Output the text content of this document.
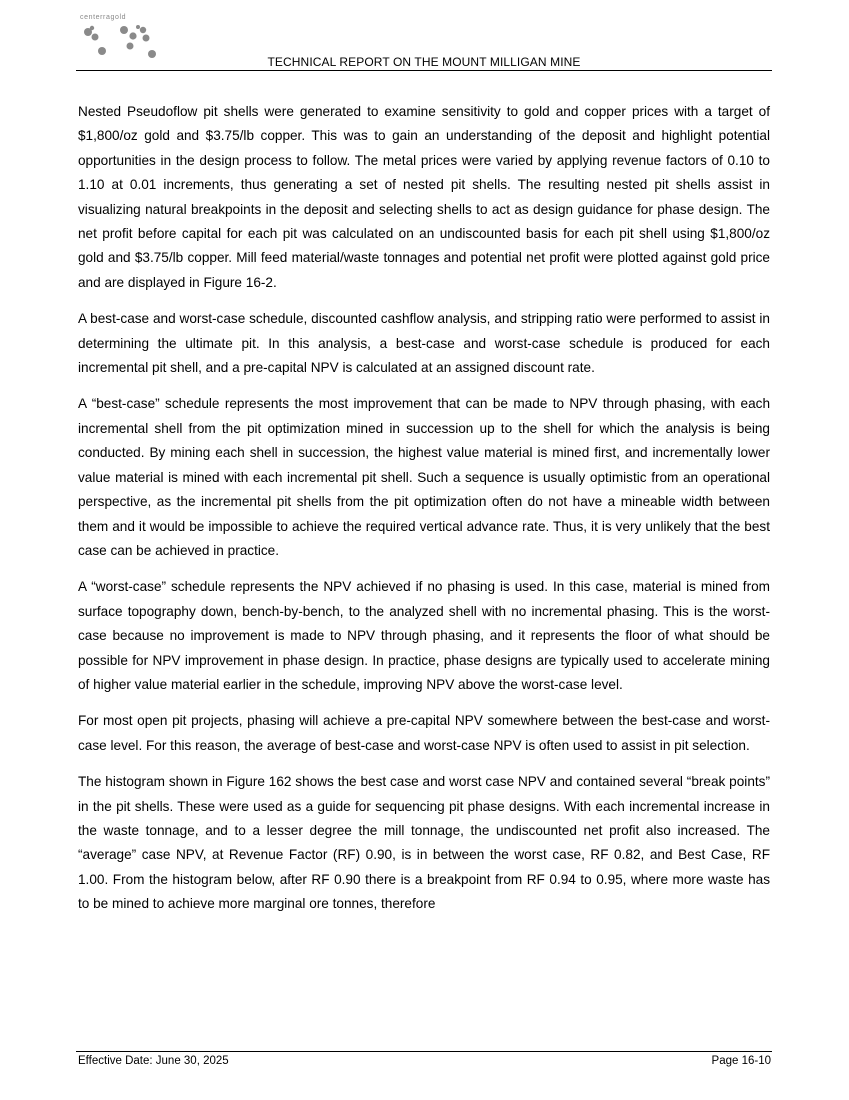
centerragold
TECHNICAL REPORT ON THE MOUNT MILLIGAN MINE

Nested Pseudoflow pit shells were generated to examine sensitivity to gold and copper prices with a target of $1,800/oz gold and $3.75/lb copper. This was to gain an understanding of the deposit and highlight potential opportunities in the design process to follow. The metal prices were varied by applying revenue factors of 0.10 to 1.10 at 0.01 increments, thus generating a set of nested pit shells. The resulting nested pit shells assist in visualizing natural breakpoints in the deposit and selecting shells to act as design guidance for phase design. The net profit before capital for each pit was calculated on an undiscounted basis for each pit shell using $1,800/oz gold and $3.75/lb copper. Mill feed material/waste tonnages and potential net profit were plotted against gold price and are displayed in Figure 16-2.

A best-case and worst-case schedule, discounted cashflow analysis, and stripping ratio were performed to assist in determining the ultimate pit. In this analysis, a best-case and worst-case schedule is produced for each incremental pit shell, and a pre-capital NPV is calculated at an assigned discount rate.

A “best-case” schedule represents the most improvement that can be made to NPV through phasing, with each incremental shell from the pit optimization mined in succession up to the shell for which the analysis is being conducted. By mining each shell in succession, the highest value material is mined first, and incrementally lower value material is mined with each incremental pit shell. Such a sequence is usually optimistic from an operational perspective, as the incremental pit shells from the pit optimization often do not have a mineable width between them and it would be impossible to achieve the required vertical advance rate. Thus, it is very unlikely that the best case can be achieved in practice.

A “worst-case” schedule represents the NPV achieved if no phasing is used. In this case, material is mined from surface topography down, bench-by-bench, to the analyzed shell with no incremental phasing. This is the worst-case because no improvement is made to NPV through phasing, and it represents the floor of what should be possible for NPV improvement in phase design. In practice, phase designs are typically used to accelerate mining of higher value material earlier in the schedule, improving NPV above the worst-case level.

For most open pit projects, phasing will achieve a pre-capital NPV somewhere between the best-case and worst-case level. For this reason, the average of best-case and worst-case NPV is often used to assist in pit selection.

The histogram shown in Figure 162 shows the best case and worst case NPV and contained several “break points” in the pit shells. These were used as a guide for sequencing pit phase designs. With each incremental increase in the waste tonnage, and to a lesser degree the mill tonnage, the undiscounted net profit also increased. The “average” case NPV, at Revenue Factor (RF) 0.90, is in between the worst case, RF 0.82, and Best Case, RF 1.00. From the histogram below, after RF 0.90 there is a breakpoint from RF 0.94 to 0.95, where more waste has to be mined to achieve more marginal ore tonnes, therefore

Effective Date: June 30, 2025	Page 16-10
